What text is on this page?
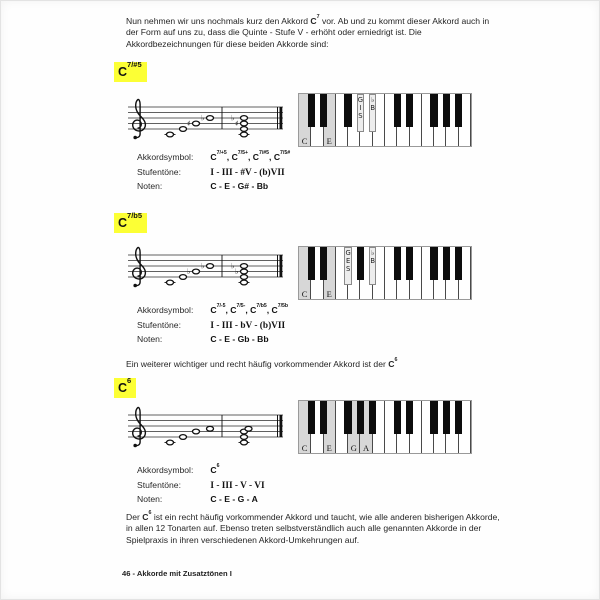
Nun nehmen wir uns nochmals kurz den Akkord $C^7$ vor. Ab und zu kommt dieser Akkord auch in der Form auf uns zu, dass die Quinte - Stufe V - erhöht oder erniedrigt ist. Die Akkordbezeichnungen für diese beiden Akkorde sind:
$C^{7/\#5}$
♯
♭
♯
♭
C	E
G
I
S
♭
B
Akkordsymbol: $C^{7/+5}$, $C^{7/5+}$, $C^{7/\#5}$, $C^{7/5\#}$
Stufentöne:	I - III - #V - (b)VII
Noten:	C - E - G# - Bb
$C^{7/b5}$
♭
♭
♭
♭
C	E
G
E
S
♭
B
Akkordsymbol: $C^{7/-5}$, $C^{7/5-}$, $C^{7/b5}$, $C^{7/5b}$
Stufentöne:	I - III - bV - (b)VII
Noten:	C - E - Gb - Bb
Ein weiterer wichtiger und recht häufig vorkommender Akkord ist der $C^6$
$C^6$
C	E	G A
Akkordsymbol: $C^6$
Stufentöne:	I - III - V - VI
Noten:	C - E - G - A
Der $C^6$ ist ein recht häufig vorkommender Akkord und taucht, wie alle anderen bisherigen Akkorde, in allen 12 Tonarten auf. Ebenso treten selbstverständlich auch alle genannten Akkorde in der Spielpraxis in ihren verschiedenen Akkord-Umkehrungen auf.
46 - Akkorde mit Zusatztönen I
